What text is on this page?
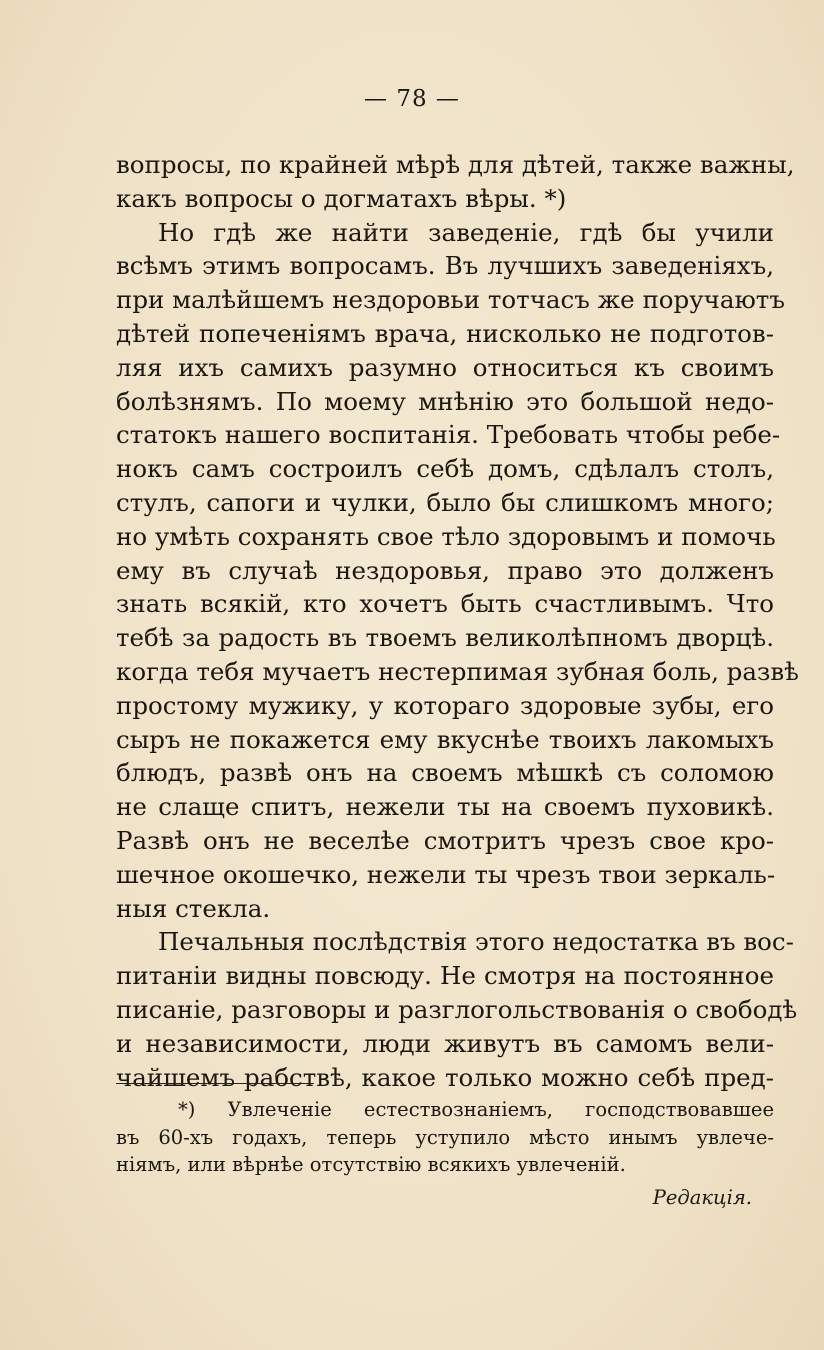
— 78 —
вопросы, по крайней мѣрѣ для дѣтей, также важны,
какъ вопросы о догматахъ вѣры. *)
Но гдѣ же найти заведеніе, гдѣ бы учили
всѣмъ этимъ вопросамъ. Въ лучшихъ заведеніяхъ,
при малѣйшемъ нездоровьи тотчасъ же поручаютъ
дѣтей попеченіямъ врача, нисколько не подготов-
ляя ихъ самихъ разумно относиться къ своимъ
болѣзнямъ. По моему мнѣнію это большой недо-
статокъ нашего воспитанія. Требовать чтобы ребе-
нокъ самъ состроилъ себѣ домъ, сдѣлалъ столъ,
стулъ, сапоги и чулки, было бы слишкомъ много;
но умѣть сохранять свое тѣло здоровымъ и помочь
ему въ случаѣ нездоровья, право это долженъ
знать всякій, кто хочетъ быть счастливымъ. Что
тебѣ за радость въ твоемъ великолѣпномъ дворцѣ.
когда тебя мучаетъ нестерпимая зубная боль, развѣ
простому мужику, у котораго здоровые зубы, его
сыръ не покажется ему вкуснѣе твоихъ лакомыхъ
блюдъ, развѣ онъ на своемъ мѣшкѣ съ соломою
не слаще спитъ, нежели ты на своемъ пуховикѣ.
Развѣ онъ не веселѣе смотритъ чрезъ свое кро-
шечное окошечко, нежели ты чрезъ твои зеркаль-
ныя стекла.
Печальныя послѣдствія этого недостатка въ вос-
питаніи видны повсюду. Не смотря на постоянное
писаніе, разговоры и разглогольствованія о свободѣ
и независимости, люди живутъ въ самомъ вели-
чайшемъ рабствѣ, какое только можно себѣ пред-
*) Увлеченіе естествознаніемъ, господствовавшее
въ 60-хъ годахъ, теперь уступило мѣсто инымъ увлече-
ніямъ, или вѣрнѣе отсутствію всякихъ увлеченій.
Редакція.
